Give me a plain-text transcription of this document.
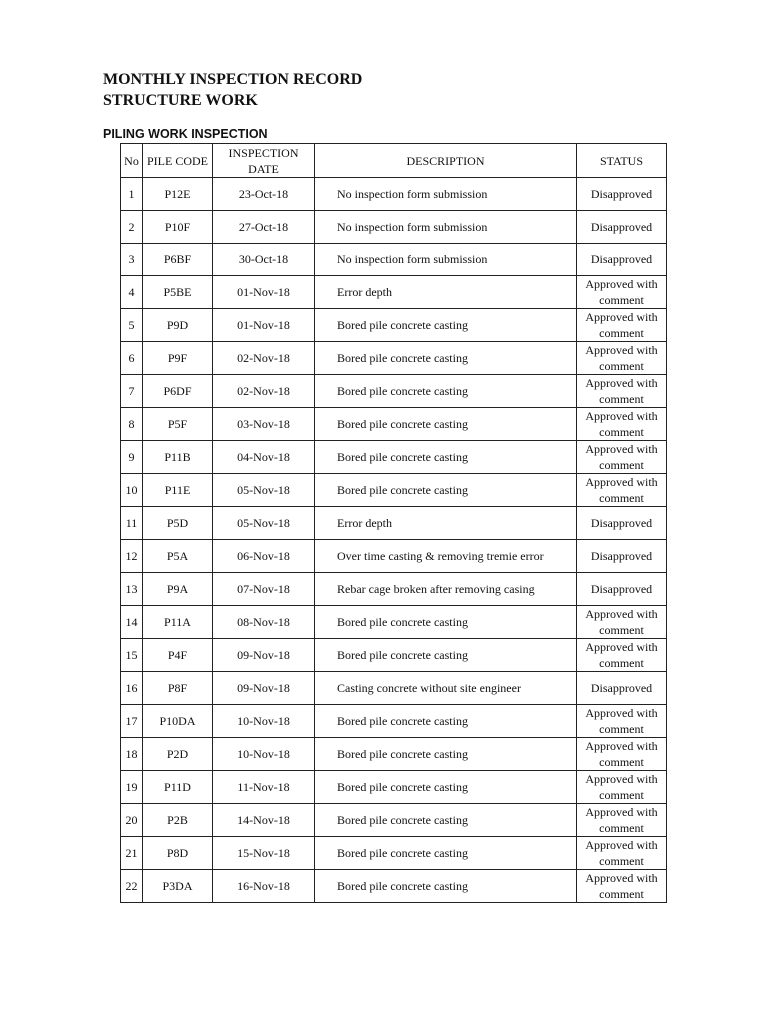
MONTHLY INSPECTION RECORD
STRUCTURE WORK
PILING WORK INSPECTION
No	PILE CODE	INSPECTION DATE	DESCRIPTION	STATUS
1	P12E	23-Oct-18	No inspection form submission	Disapproved
2	P10F	27-Oct-18	No inspection form submission	Disapproved
3	P6BF	30-Oct-18	No inspection form submission	Disapproved
4	P5BE	01-Nov-18	Error depth	Approved with comment
5	P9D	01-Nov-18	Bored pile concrete casting	Approved with comment
6	P9F	02-Nov-18	Bored pile concrete casting	Approved with comment
7	P6DF	02-Nov-18	Bored pile concrete casting	Approved with comment
8	P5F	03-Nov-18	Bored pile concrete casting	Approved with comment
9	P11B	04-Nov-18	Bored pile concrete casting	Approved with comment
10	P11E	05-Nov-18	Bored pile concrete casting	Approved with comment
11	P5D	05-Nov-18	Error depth	Disapproved
12	P5A	06-Nov-18	Over time casting & removing tremie error	Disapproved
13	P9A	07-Nov-18	Rebar cage broken after removing casing	Disapproved
14	P11A	08-Nov-18	Bored pile concrete casting	Approved with comment
15	P4F	09-Nov-18	Bored pile concrete casting	Approved with comment
16	P8F	09-Nov-18	Casting concrete without site engineer	Disapproved
17	P10DA	10-Nov-18	Bored pile concrete casting	Approved with comment
18	P2D	10-Nov-18	Bored pile concrete casting	Approved with comment
19	P11D	11-Nov-18	Bored pile concrete casting	Approved with comment
20	P2B	14-Nov-18	Bored pile concrete casting	Approved with comment
21	P8D	15-Nov-18	Bored pile concrete casting	Approved with comment
22	P3DA	16-Nov-18	Bored pile concrete casting	Approved with comment
